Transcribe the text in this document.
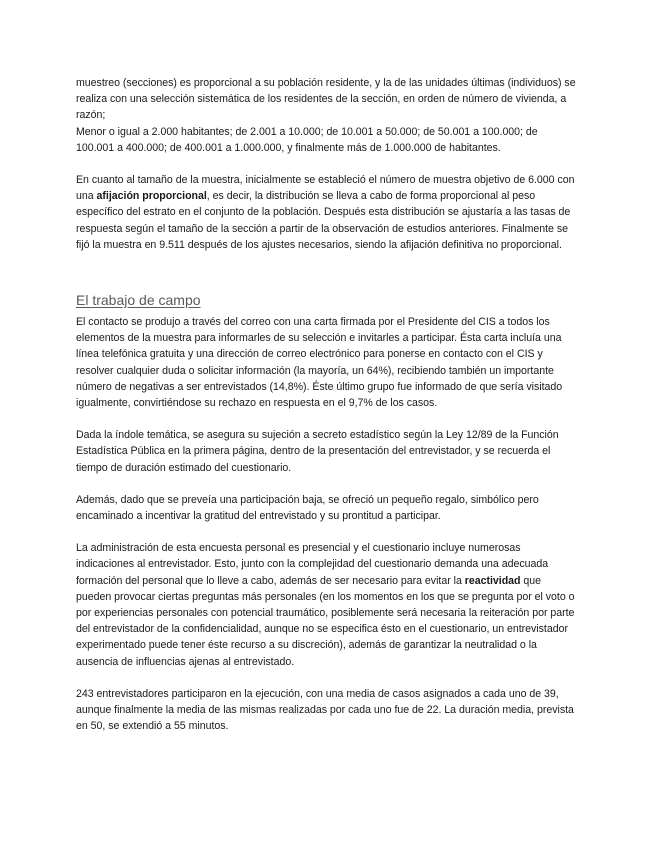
muestreo (secciones) es proporcional a su población residente, y la de las unidades últimas (individuos) se realiza con una selección sistemática de los residentes de la sección, en orden de número de vivienda, a razón;
Menor o igual a 2.000 habitantes; de 2.001 a 10.000; de 10.001 a 50.000; de 50.001 a 100.000; de 100.001 a 400.000; de 400.001 a 1.000.000, y finalmente más de 1.000.000 de habitantes.

En cuanto al tamaño de la muestra, inicialmente se estableció el número de muestra objetivo de 6.000 con una afijación proporcional, es decir, la distribución se lleva a cabo de forma proporcional al peso específico del estrato en el conjunto de la población. Después esta distribución se ajustaría a las tasas de respuesta según el tamaño de la sección a partir de la observación de estudios anteriores. Finalmente se fijó la muestra en 9.511 después de los ajustes necesarios, siendo la afijación definitiva no proporcional.

El trabajo de campo

El contacto se produjo a través del correo con una carta firmada por el Presidente del CIS a todos los elementos de la muestra para informarles de su selección e invitarles a participar. Ésta carta incluía una línea telefónica gratuita y una dirección de correo electrónico para ponerse en contacto con el CIS y resolver cualquier duda o solicitar información (la mayoría, un 64%), recibiendo también un importante número de negativas a ser entrevistados (14,8%). Éste último grupo fue informado de que sería visitado igualmente, convirtiéndose su rechazo en respuesta en el 9,7% de los casos.

Dada la índole temática, se asegura su sujeción a secreto estadístico según la Ley 12/89 de la Función Estadística Pública en la primera página, dentro de la presentación del entrevistador, y se recuerda el tiempo de duración estimado del cuestionario.

Además, dado que se preveía una participación baja, se ofreció un pequeño regalo, simbólico pero encaminado a incentivar la gratitud del entrevistado y su prontitud a participar.

La administración de esta encuesta personal es presencial y el cuestionario incluye numerosas indicaciones al entrevistador. Esto, junto con la complejidad del cuestionario demanda una adecuada formación del personal que lo lleve a cabo, además de ser necesario para evitar la reactividad que pueden provocar ciertas preguntas más personales (en los momentos en los que se pregunta por el voto o por experiencias personales con potencial traumático, posiblemente será necesaria la reiteración por parte del entrevistador de la confidencialidad, aunque no se especifica ésto en el cuestionario, un entrevistador experimentado puede tener éste recurso a su discreción), además de garantizar la neutralidad o la ausencia de influencias ajenas al entrevistado.

243 entrevistadores participaron en la ejecución, con una media de casos asignados a cada uno de 39, aunque finalmente la media de las mismas realizadas por cada uno fue de 22. La duración media, prevista en 50, se extendió a 55 minutos.
